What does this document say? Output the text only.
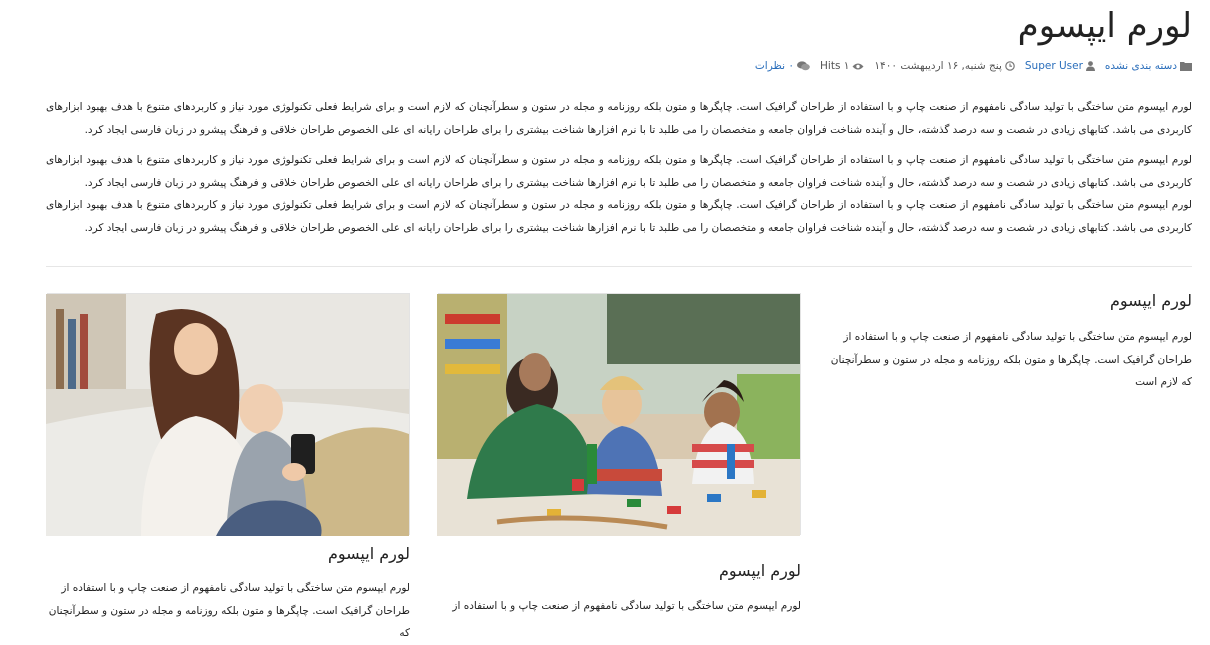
لورم ایپسوم
دسته بندی نشده
Super User
پنج شنبه, ۱۶ اردیبهشت ۱۴۰۰
Hits ۱
۰ نظرات

لورم ایپسوم متن ساختگی با تولید سادگی نامفهوم از صنعت چاپ و با استفاده از طراحان گرافیک است. چاپگرها و متون بلکه روزنامه و مجله در ستون و سطرآنچنان که لازم است و برای شرایط فعلی تکنولوژی مورد نیاز و کاربردهای متنوع با هدف بهبود ابزارهای کاربردی می باشد. کتابهای زیادی در شصت و سه درصد گذشته، حال و آینده شناخت فراوان جامعه و متخصصان را می طلبد تا با نرم افزارها شناخت بیشتری را برای طراحان رایانه ای علی الخصوص طراحان خلاقی و فرهنگ پیشرو در زبان فارسی ایجاد کرد.

لورم ایپسوم متن ساختگی با تولید سادگی نامفهوم از صنعت چاپ و با استفاده از طراحان گرافیک است. چاپگرها و متون بلکه روزنامه و مجله در ستون و سطرآنچنان که لازم است و برای شرایط فعلی تکنولوژی مورد نیاز و کاربردهای متنوع با هدف بهبود ابزارهای کاربردی می باشد. کتابهای زیادی در شصت و سه درصد گذشته، حال و آینده شناخت فراوان جامعه و متخصصان را می طلبد تا با نرم افزارها شناخت بیشتری را برای طراحان رایانه ای علی الخصوص طراحان خلاقی و فرهنگ پیشرو در زبان فارسی ایجاد کرد.

لورم ایپسوم متن ساختگی با تولید سادگی نامفهوم از صنعت چاپ و با استفاده از طراحان گرافیک است. چاپگرها و متون بلکه روزنامه و مجله در ستون و سطرآنچنان که لازم است و برای شرایط فعلی تکنولوژی مورد نیاز و کاربردهای متنوع با هدف بهبود ابزارهای کاربردی می باشد. کتابهای زیادی در شصت و سه درصد گذشته، حال و آینده شناخت فراوان جامعه و متخصصان را می طلبد تا با نرم افزارها شناخت بیشتری را برای طراحان رایانه ای علی الخصوص طراحان خلاقی و فرهنگ پیشرو در زبان فارسی ایجاد کرد.

لورم ایپسوم

لورم ایپسوم متن ساختگی با تولید سادگی نامفهوم از صنعت چاپ و با استفاده از طراحان گرافیک است. چاپگرها و متون بلکه روزنامه و مجله در ستون و سطرآنچنان که لازم است

لورم ایپسوم

لورم ایپسوم متن ساختگی با تولید سادگی نامفهوم از صنعت چاپ و با استفاده از

لورم ایپسوم

لورم ایپسوم متن ساختگی با تولید سادگی نامفهوم از صنعت چاپ و با استفاده از طراحان گرافیک است. چاپگرها و متون بلکه روزنامه و مجله در ستون و سطرآنچنان که
